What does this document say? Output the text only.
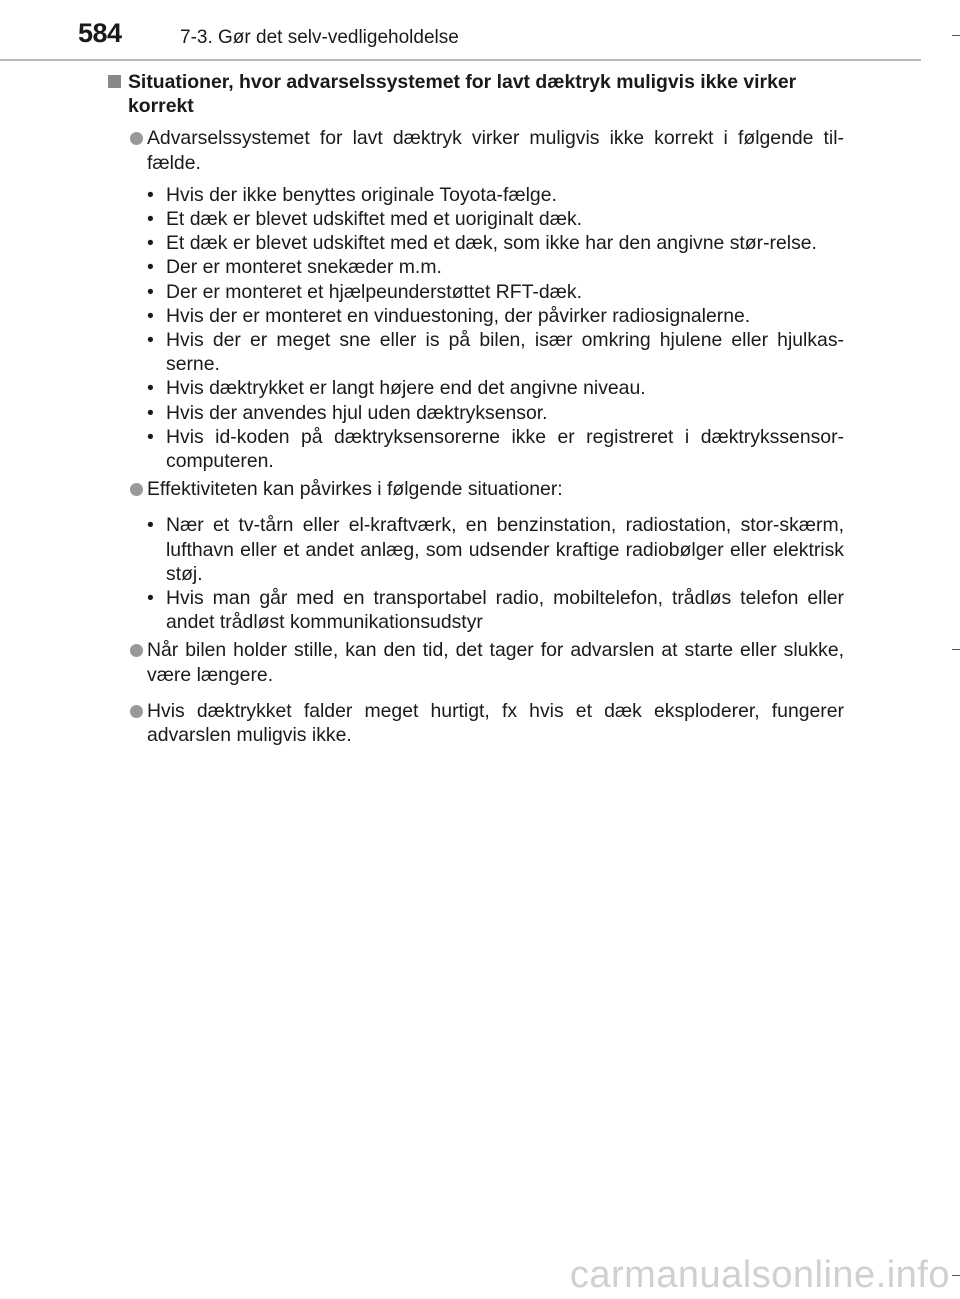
584	7-3. Gør det selv-vedligeholdelse
Situationer, hvor advarselssystemet for lavt dæktryk muligvis ikke virker korrekt
Advarselssystemet for lavt dæktryk virker muligvis ikke korrekt i følgende til-fælde.
• Hvis der ikke benyttes originale Toyota-fælge.
• Et dæk er blevet udskiftet med et uoriginalt dæk.
• Et dæk er blevet udskiftet med et dæk, som ikke har den angivne stør-relse.
• Der er monteret snekæder m.m.
• Der er monteret et hjælpeunderstøttet RFT-dæk.
• Hvis der er monteret en vinduestoning, der påvirker radiosignalerne.
• Hvis der er meget sne eller is på bilen, især omkring hjulene eller hjulkas-serne.
• Hvis dæktrykket er langt højere end det angivne niveau.
• Hvis der anvendes hjul uden dæktryksensor.
• Hvis id-koden på dæktryksensorerne ikke er registreret i dæktrykssensor-computeren.
Effektiviteten kan påvirkes i følgende situationer:
• Nær et tv-tårn eller el-kraftværk, en benzinstation, radiostation, stor-skærm, lufthavn eller et andet anlæg, som udsender kraftige radiobølger eller elektrisk støj.
• Hvis man går med en transportabel radio, mobiltelefon, trådløs telefon eller andet trådløst kommunikationsudstyr
Når bilen holder stille, kan den tid, det tager for advarslen at starte eller slukke, være længere.
Hvis dæktrykket falder meget hurtigt, fx hvis et dæk eksploderer, fungerer advarslen muligvis ikke.
carmanualsonline.info
